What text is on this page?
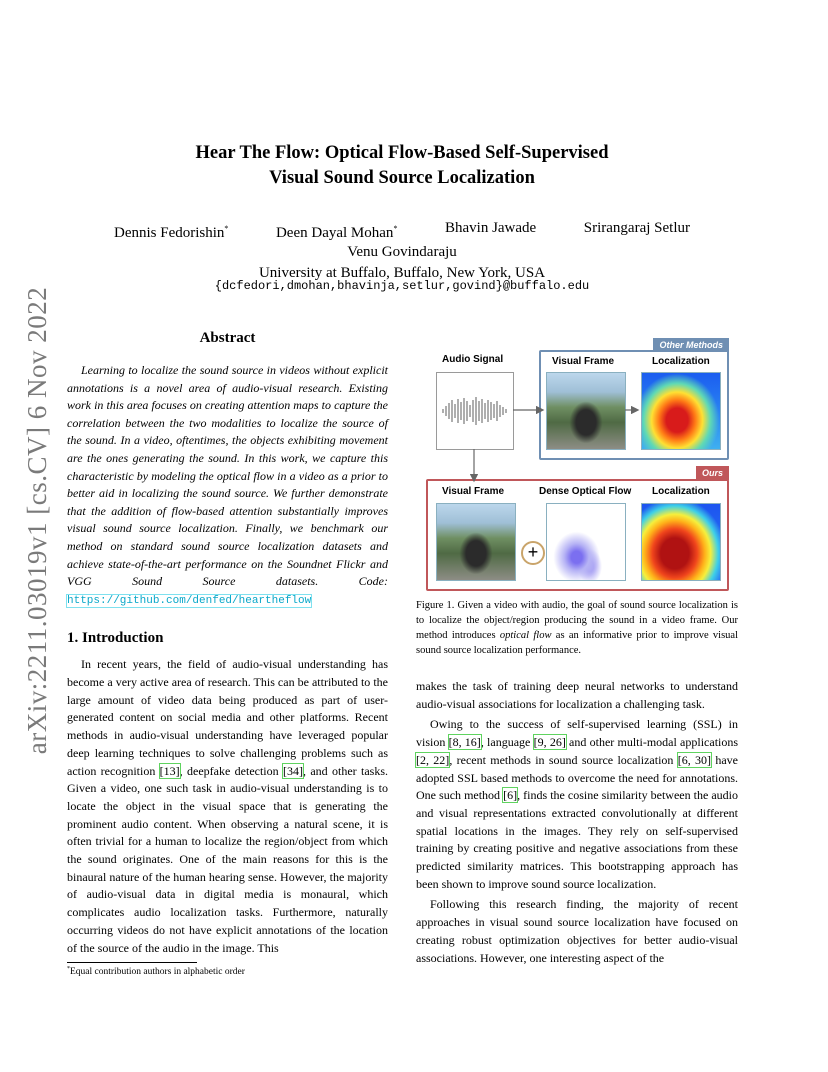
arXiv:2211.03019v1 [cs.CV] 6 Nov 2022
Hear The Flow: Optical Flow-Based Self-Supervised
Visual Sound Source Localization
Dennis Fedorishin*	Deen Dayal Mohan*	Bhavin Jawade	Srirangaraj Setlur
Venu Govindaraju
University at Buffalo, Buffalo, New York, USA
{dcfedori,dmohan,bhavinja,setlur,govind}@buffalo.edu
Abstract

Learning to localize the sound source in videos without explicit annotations is a novel area of audio-visual research. Existing work in this area focuses on creating attention maps to capture the correlation between the two modalities to localize the source of the sound. In a video, oftentimes, the objects exhibiting movement are the ones generating the sound. In this work, we capture this characteristic by modeling the optical flow in a video as a prior to better aid in localizing the sound source. We further demonstrate that the addition of flow-based attention substantially improves visual sound source localization. Finally, we benchmark our method on standard sound source localization datasets and achieve state-of-the-art performance on the Soundnet Flickr and VGG Sound Source datasets. Code: https://github.com/denfed/heartheflow

1. Introduction

In recent years, the field of audio-visual understanding has become a very active area of research. This can be attributed to the large amount of video data being produced as part of user-generated content on social media and other platforms. Recent methods in audio-visual understanding have leveraged popular deep learning techniques to solve challenging problems such as action recognition [13], deepfake detection [34], and other tasks. Given a video, one such task in audio-visual understanding is to locate the object in the visual space that is generating the prominent audio content. When observing a natural scene, it is often trivial for a human to localize the region/object from which the sound originates. One of the main reasons for this is the binaural nature of the human hearing sense. However, the majority of audio-visual data in digital media is monaural, which complicates audio localization tasks. Furthermore, naturally occurring videos do not have explicit annotations of the location of the source of the audio in the image. This

*Equal contribution authors in alphabetic order
Other Methods
Ours
Audio Signal	Visual Frame	Localization
Visual Frame	Dense Optical Flow Localization
+

Figure 1. Given a video with audio, the goal of sound source localization is to localize the object/region producing the sound in a video frame. Our method introduces optical flow as an informative prior to improve visual sound source localization performance.

makes the task of training deep neural networks to understand audio-visual associations for localization a challenging task.

Owing to the success of self-supervised learning (SSL) in vision [8, 16], language [9, 26] and other multi-modal applications [2, 22], recent methods in sound source localization [6, 30] have adopted SSL based methods to overcome the need for annotations. One such method [6], finds the cosine similarity between the audio and visual representations extracted convolutionally at different spatial locations in the images. They rely on self-supervised training by creating positive and negative associations from these predicted similarity matrices. This bootstrapping approach has been shown to improve sound source localization.

Following this research finding, the majority of recent approaches in visual sound source localization have focused on creating robust optimization objectives for better audio-visual associations. However, one interesting aspect of the
